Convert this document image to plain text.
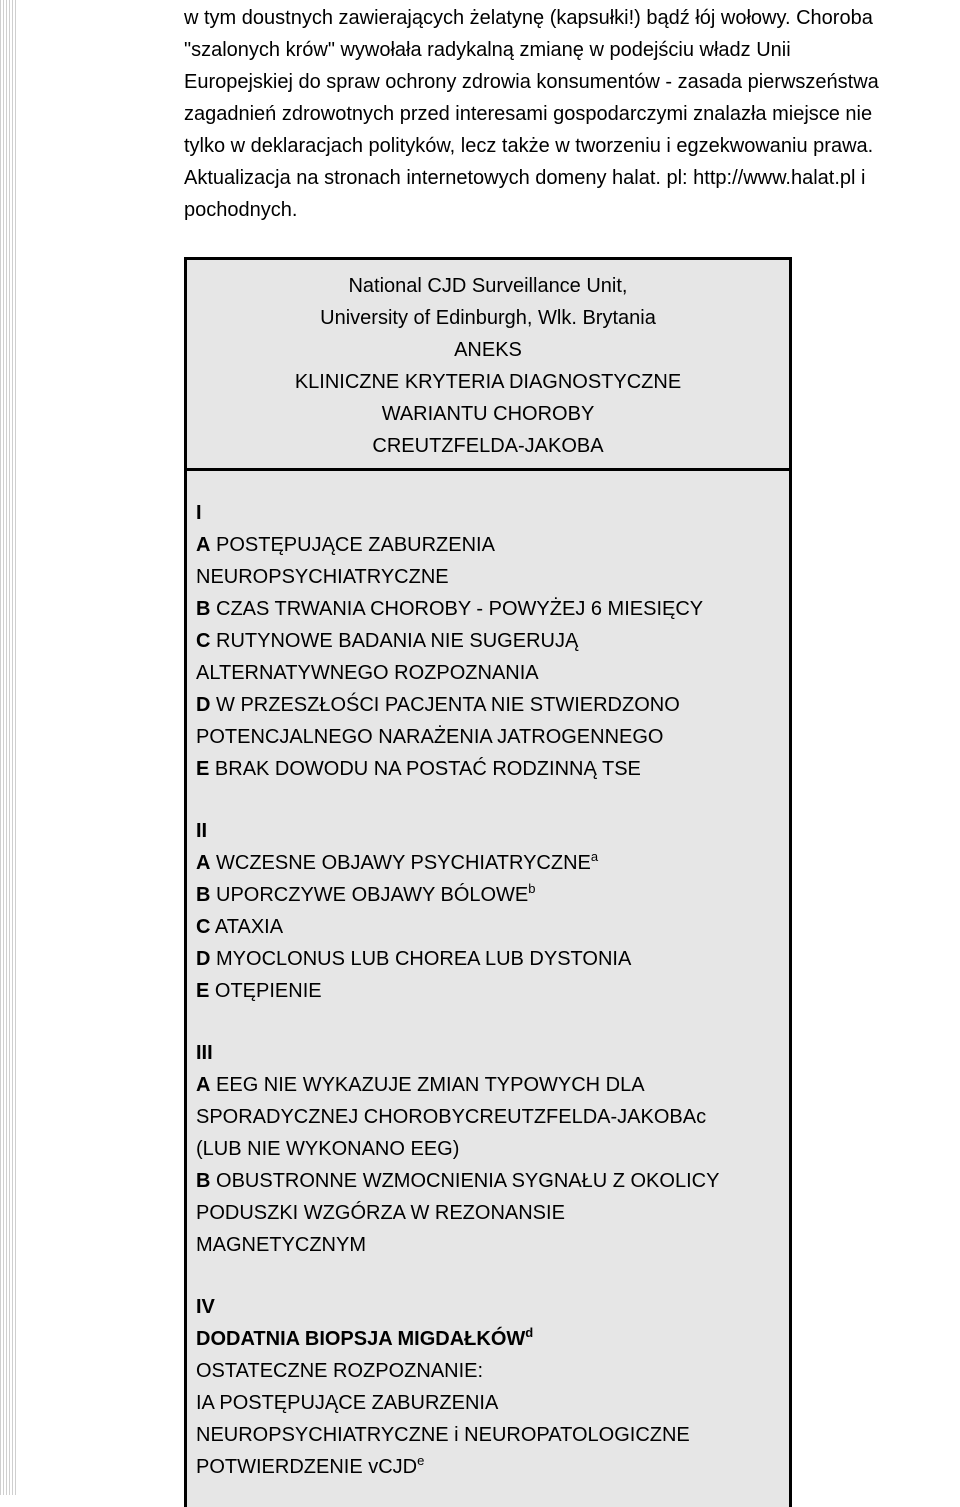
w tym doustnych zawierających żelatynę (kapsułki!) bądź łój wołowy. Choroba

"szalonych krów" wywołała radykalną zmianę w podejściu władz Unii

Europejskiej do spraw ochrony zdrowia konsumentów - zasada pierwszeństwa

zagadnień zdrowotnych przed interesami gospodarczymi znalazła miejsce nie

tylko w deklaracjach polityków, lecz także w tworzeniu i egzekwowaniu prawa.

Aktualizacja na stronach internetowych domeny halat. pl: http://www.halat.pl i

pochodnych.

National CJD Surveillance Unit,
University of Edinburgh, Wlk. Brytania
ANEKS
KLINICZNE KRYTERIA DIAGNOSTYCZNE
WARIANTU CHOROBY
CREUTZFELDA-JAKOBA
I
A POSTĘPUJĄCE ZABURZENIA
NEUROPSYCHIATRYCZNE
B CZAS TRWANIA CHOROBY - POWYŻEJ 6 MIESIĘCY
C RUTYNOWE BADANIA NIE SUGERUJĄ
ALTERNATYWNEGO ROZPOZNANIA
D W PRZESZŁOŚCI PACJENTA NIE STWIERDZONO
POTENCJALNEGO NARAŻENIA JATROGENNEGO
E BRAK DOWODU NA POSTAĆ RODZINNĄ TSE
II
A WCZESNE OBJAWY PSYCHIATRYCZNE$^a$
B UPORCZYWE OBJAWY BÓLOWE$^b$
C ATAXIA
D MYOCLONUS LUB CHOREA LUB DYSTONIA
E OTĘPIENIE
III
A EEG NIE WYKAZUJE ZMIAN TYPOWYCH DLA
SPORADYCZNEJ CHOROBYCREUTZFELDA-JAKOBAc
(LUB NIE WYKONANO EEG)
B OBUSTRONNE WZMOCNIENIA SYGNAŁU Z OKOLICY
PODUSZKI WZGÓRZA W REZONANSIE
MAGNETYCZNYM
IV
DODATNIA BIOPSJA MIGDAŁKÓW$^d$
OSTATECZNE ROZPOZNANIE:
IA POSTĘPUJĄCE ZABURZENIA
NEUROPSYCHIATRYCZNE i NEUROPATOLOGICZNE
POTWIERDZENIE vCJD$^e$
